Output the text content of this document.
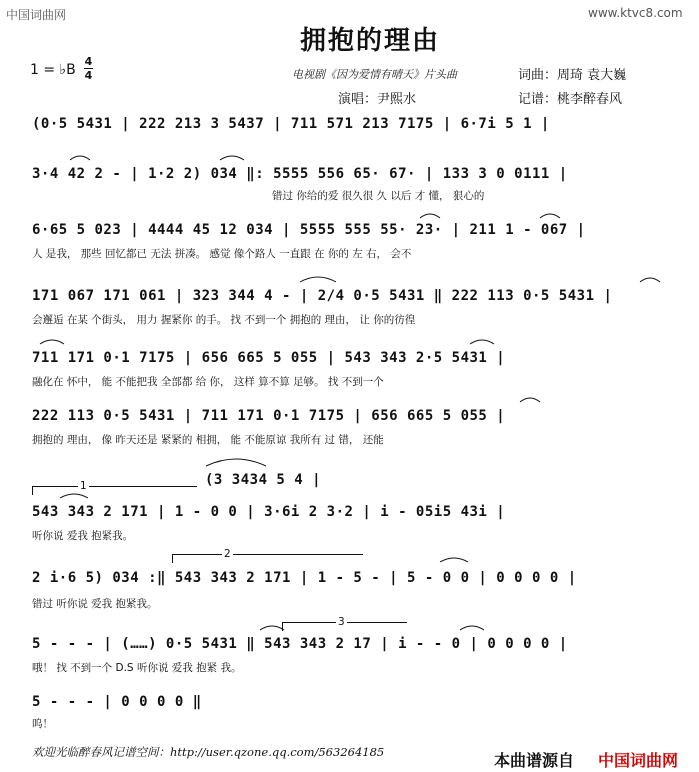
中国词曲网	www.ktvc8.com
拥抱的理由
1 = ♭B $\frac{4}{4}$	电视剧《因为爱情有晴天》片头曲	词曲：周琦 袁大巍
演唱：尹熙水	记谱：桃李醉春风
(0·5 5431 | 222 213 3 5437 | 711 571 213 7175 | 6·7i 5 1 |
3·4 42 2 - | 1·2 2) 034 ‖: 5555 556 65· 67· | 133 3 0 0111 |
错过 你给的爱 很久很 久 以后 才 懂， 狠心的
6·65 5 023 | 4444 45 12 034 | 5555 555 55· 23· | 211 1 - 067 |
人 是我， 那些 回忆都已 无法 拼凑。 感觉 像个路人 一直跟 在 你的 左 右， 会不
171 067 171 061 | 323 344 4 - | 2/4 0·5 5431 ‖ 222 113 0·5 5431 |
会邂逅 在某 个街头， 用力 握紧你 的手。 找 不到一个 拥抱的 理由， 让 你的彷徨
711 171 0·1 7175 | 656 665 5 055 | 543 343 2·5 5431 |
融化在 怀中， 能 不能把我 全部都 给 你， 这样 算不算 足够。 找 不到一个
222 113 0·5 5431 | 711 171 0·1 7175 | 656 665 5 055 |
拥抱的 理由， 像 昨天还是 紧紧的 相拥， 能 不能原谅 我所有 过 错， 还能
1	(3 3434 5 4 |
543 343 2 171 | 1 - 0 0 | 3·6i 2 3·2 | i - 05i5 43i |
听你说 爱我 抱紧我。
2
2 i·6 5) 034 :‖ 543 343 2 171 | 1 - 5 - | 5 - 0 0 | 0 0 0 0 |
错过 听你说 爱我 抱紧我。
3
5 - - - | (……) 0·5 5431 ‖ 543 343 2 17 | i - - 0 | 0 0 0 0 |
哦！ 找 不到一个 D.S 听你说 爱我 抱紧 我。
5 - - - | 0 0 0 0 ‖
呜！
欢迎光临醉春风记谱空间：http://user.qzone.qq.com/563264185	本曲谱源自 中国词曲网
